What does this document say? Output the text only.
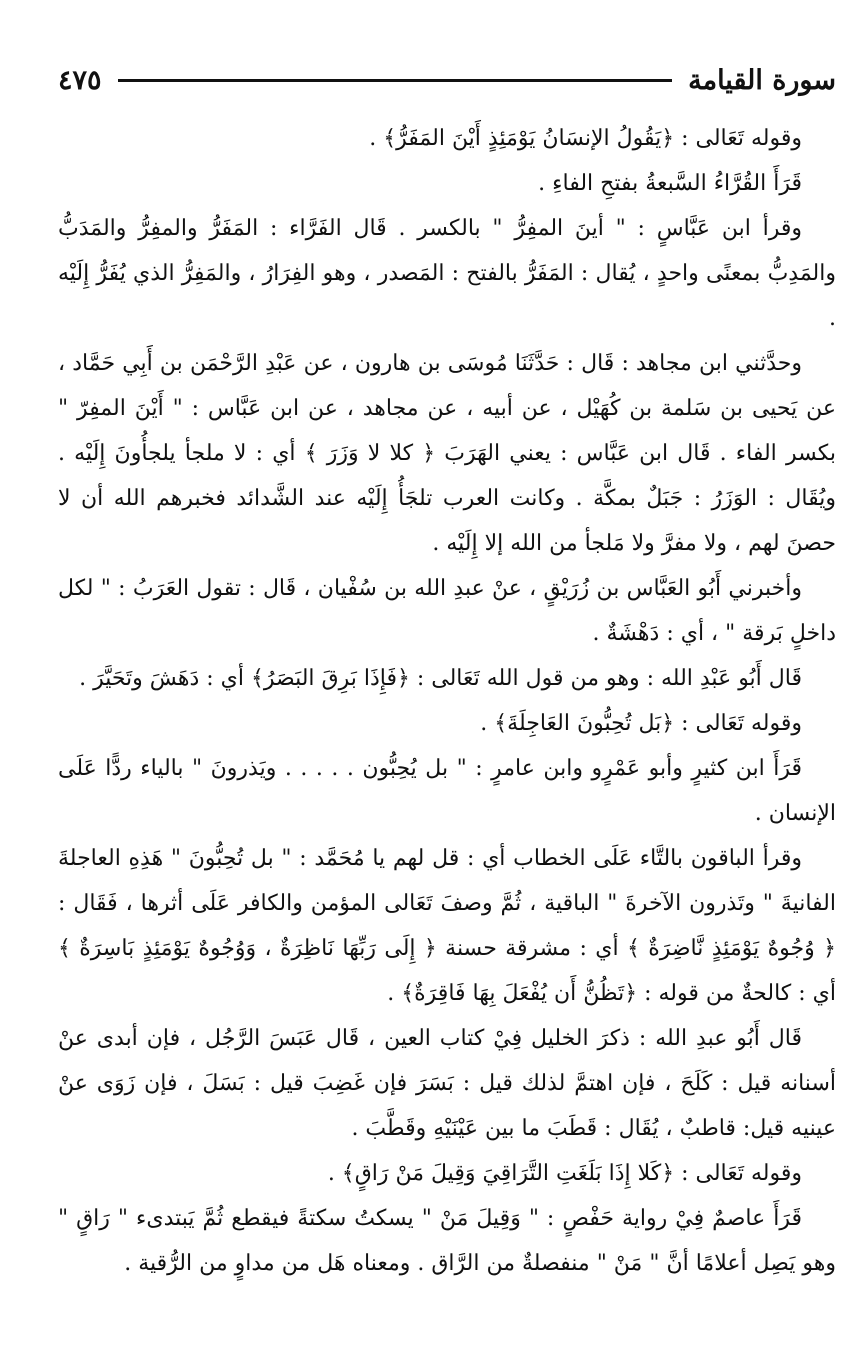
سورة القيامة
٤٧٥

وقوله تَعَالى : ﴿يَقُولُ الإنسَانُ يَوْمَئِذٍ أَيْنَ المَفَرُّ﴾ .

قَرَأَ القُرَّاءُ السَّبعةُ بفتحِ الفاءِ .

وقرأ ابن عَبَّاسٍ : " أينَ المفِرُّ " بالكسر . قَال الفَرَّاء : المَفَرُّ والمفِرُّ والمَدَبُّ والمَدِبُّ بمعنًى واحدٍ ، يُقال : المَفَرُّ بالفتح : المَصدر ، وهو الفِرَارُ ، والمَفِرُّ الذي يُفَرُّ إِلَيْه .

وحدَّثني ابن مجاهد : قَال : حَدَّثَنَا مُوسَى بن هارون ، عن عَبْدِ الرَّحْمَن بن أَبِي حَمَّاد ، عن يَحيى بن سَلمة بن كُهَيْل ، عن أبيه ، عن مجاهد ، عن ابن عَبَّاس : " أَيْنَ المفِرّ " بكسر الفاء . قَال ابن عَبَّاس : يعني الهَرَبَ ﴿ كلا لا وَزَرَ ﴾ أي : لا ملجأ يلجأُونَ إِلَيْه . ويُقَال : الوَزَرُ : جَبَلٌ بمكَّة . وكانت العرب تلجَأُ إِلَيْه عند الشَّدائد فخبرهم الله أن لا حصنَ لهم ، ولا مفرَّ ولا مَلجأ من الله إلا إِلَيْه .

وأخبرني أَبُو العَبَّاس بن زُرَيْقٍ ، عنْ عبدِ الله بن سُفْيان ، قَال : تقول العَرَبُ : " لكل داخلٍ بَرقة " ، أي : دَهْشَةٌ .

قَال أَبُو عَبْدِ الله : وهو من قول الله تَعَالى : ﴿فَإِذَا بَرِقَ البَصَرُ﴾ أي : دَهَشَ وتَحَيَّرَ .

وقوله تَعَالى : ﴿بَل تُحِبُّونَ العَاجِلَةَ﴾ .

قَرَأَ ابن كثيرٍ وأبو عَمْرٍو وابن عامرٍ : " بل يُحِبُّون . . . . . ويَذرونَ " بالياء ردًّا عَلَى الإنسان .

وقرأ الباقون بالتَّاء عَلَى الخطاب أي : قل لهم يا مُحَمَّد : " بل تُحِبُّونَ " هَذِهِ العاجلةَ الفانيةَ " وتَذرون الآخرةَ " الباقية ، ثُمَّ وصفَ تَعَالى المؤمن والكافر عَلَى أثرها ، فَقَال : ﴿ وُجُوهٌ يَوْمَئِذٍ نَّاضِرَةٌ ﴾ أي : مشرقة حسنة ﴿ إِلَى رَبِّهَا نَاظِرَةٌ ، وَوُجُوهٌ يَوْمَئِذٍ بَاسِرَةٌ ﴾ أي : كالحةٌ من قوله : ﴿تَظُنُّ أَن يُفْعَلَ بِهَا فَاقِرَةٌ﴾ .

قَال أَبُو عبدِ الله : ذكرَ الخليل فِيْ كتاب العين ، قَال عَبَسَ الرَّجُل ، فإن أبدى عنْ أسنانه قيل : كَلَحَ ، فإن اهتمَّ لذلك قيل : بَسَرَ فإن غَضِبَ قيل : بَسَلَ ، فإن زَوَى عنْ عينيه قيل: قاطبٌ ، يُقَال : قَطَبَ ما بين عَيْنَيْهِ وقَطَّبَ .

وقوله تَعَالى : ﴿كَلا إِذَا بَلَغَتِ التَّرَاقِيَ وَقِيلَ مَنْ رَاقٍ﴾ .

قَرَأَ عاصمٌ فِيْ رواية حَفْصٍ : " وَقِيلَ مَنْ " يسكتُ سكتةً فيقطع ثُمَّ يَبتدىء " رَاقٍ " وهو يَصِل أعلامًا أنَّ " مَنْ " منفصلةٌ من الرَّاق . ومعناه هَل من مداوٍ من الرُّقية .
